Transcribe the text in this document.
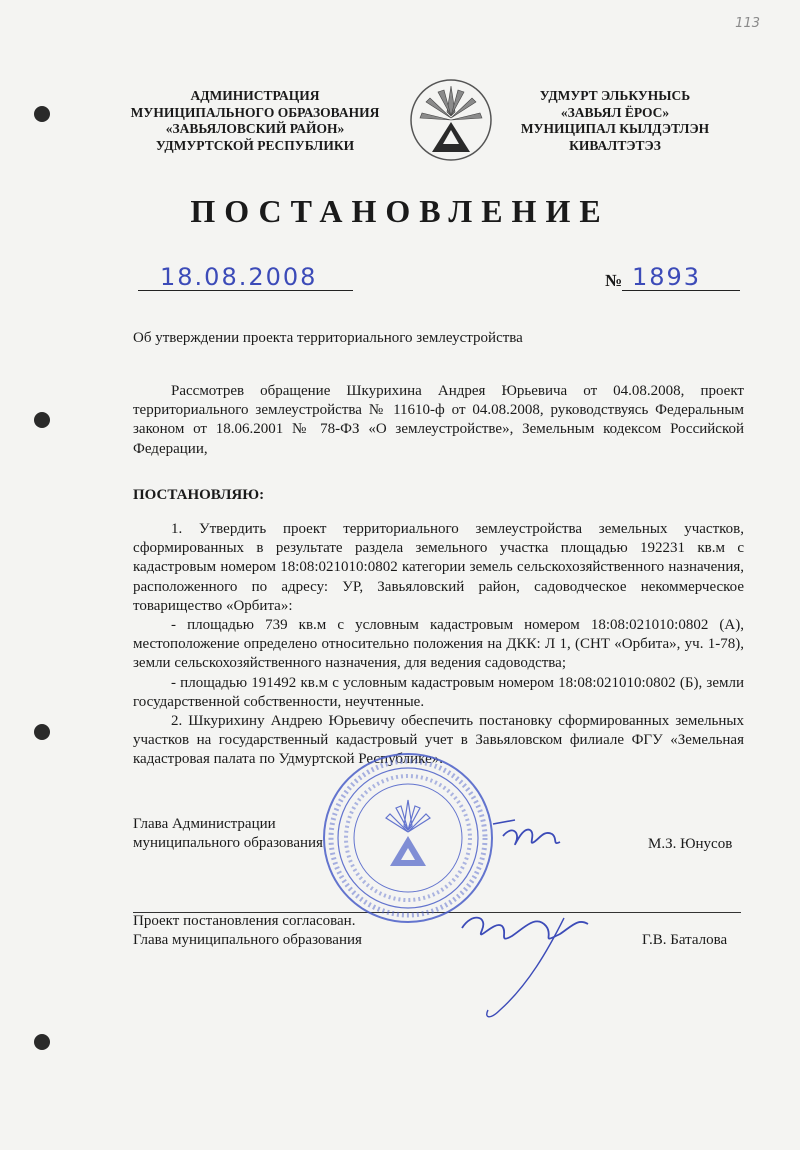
113
АДМИНИСТРАЦИЯ
МУНИЦИПАЛЬНОГО ОБРАЗОВАНИЯ
«ЗАВЬЯЛОВСКИЙ РАЙОН»
УДМУРТСКОЙ РЕСПУБЛИКИ
УДМУРТ ЭЛЬКУНЫСЬ
«ЗАВЬЯЛ ЁРОС»
МУНИЦИПАЛ КЫЛДЭТЛЭН
КИВАЛТЭТЭЗ
ПОСТАНОВЛЕНИЕ
18.08.2008	№ 1893
Об утверждении проекта территориального землеустройства

Рассмотрев обращение Шкурихина Андрея Юрьевича от 04.08.2008, проект территориального землеустройства № 11610-ф от 04.08.2008, руководствуясь Федеральным законом от 18.06.2001 № 78-ФЗ «О землеустройстве», Земельным кодексом Российской Федерации,

ПОСТАНОВЛЯЮ:

1. Утвердить проект территориального землеустройства земельных участков, сформированных в результате раздела земельного участка площадью 192231 кв.м с кадастровым номером 18:08:021010:0802 категории земель сельскохозяйственного назначения, расположенного по адресу: УР, Завьяловский район, садоводческое некоммерческое товарищество «Орбита»:

- площадью 739 кв.м с условным кадастровым номером 18:08:021010:0802 (А), местоположение определено относительно положения на ДКК: Л 1, (СНТ «Орбита», уч. 1-78), земли сельскохозяйственного назначения, для ведения садоводства;

- площадью 191492 кв.м с условным кадастровым номером 18:08:021010:0802 (Б), земли государственной собственности, неучтенные.

2. Шкурихину Андрею Юрьевичу обеспечить постановку сформированных земельных участков на государственный кадастровый учет в Завьяловском филиале ФГУ «Земельная кадастровая палата по Удмуртской Республике».

Глава Администрации
муниципального образования	М.З. Юнусов
Проект постановления согласован.
Глава муниципального образования	Г.В. Баталова
